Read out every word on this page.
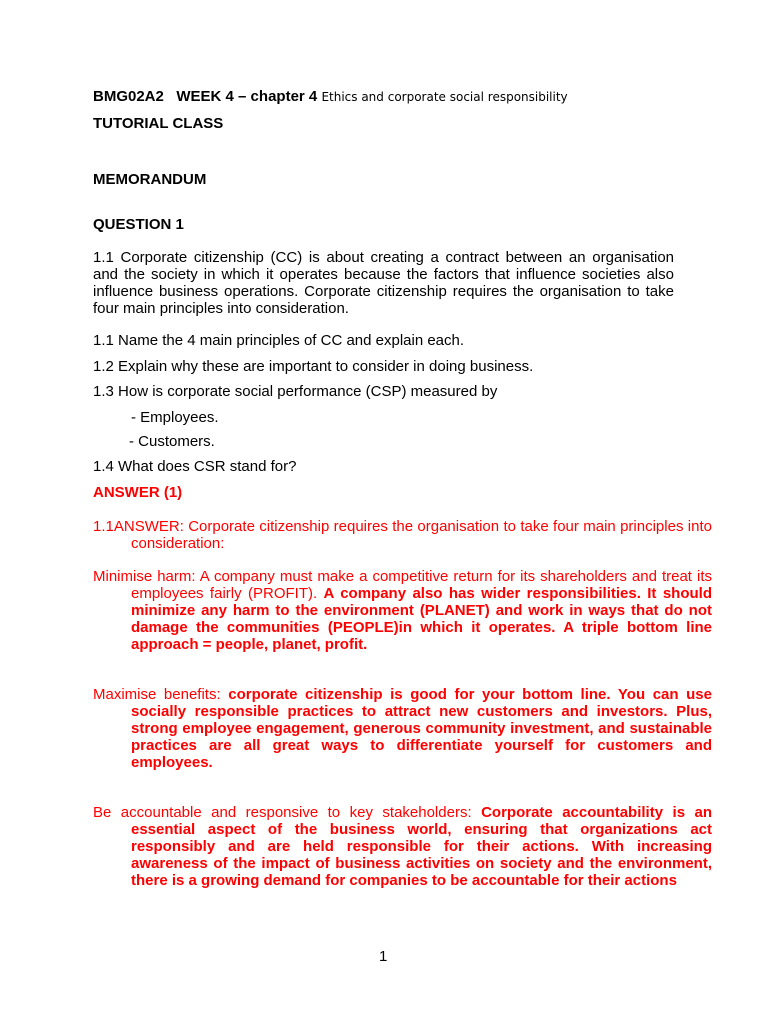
BMG02A2 WEEK 4 – chapter 4 Ethics and corporate social responsibility
TUTORIAL CLASS
MEMORANDUM
QUESTION 1
1.1 Corporate citizenship (CC) is about creating a contract between an organisation and the society in which it operates because the factors that influence societies also influence business operations. Corporate citizenship requires the organisation to take four main principles into consideration.
1.1 Name the 4 main principles of CC and explain each.
1.2 Explain why these are important to consider in doing business.
1.3 How is corporate social performance (CSP) measured by
- Employees.
- Customers.
1.4 What does CSR stand for?
ANSWER (1)
1.1ANSWER: Corporate citizenship requires the organisation to take four main principles into consideration:
Minimise harm: A company must make a competitive return for its shareholders and treat its employees fairly (PROFIT). A company also has wider responsibilities. It should minimize any harm to the environment (PLANET) and work in ways that do not damage the communities (PEOPLE)in which it operates. A triple bottom line approach = people, planet, profit.
Maximise benefits: corporate citizenship is good for your bottom line. You can use socially responsible practices to attract new customers and investors. Plus, strong employee engagement, generous community investment, and sustainable practices are all great ways to differentiate yourself for customers and employees.
Be accountable and responsive to key stakeholders: Corporate accountability is an essential aspect of the business world, ensuring that organizations act responsibly and are held responsible for their actions. With increasing awareness of the impact of business activities on society and the environment, there is a growing demand for companies to be accountable for their actions
1
